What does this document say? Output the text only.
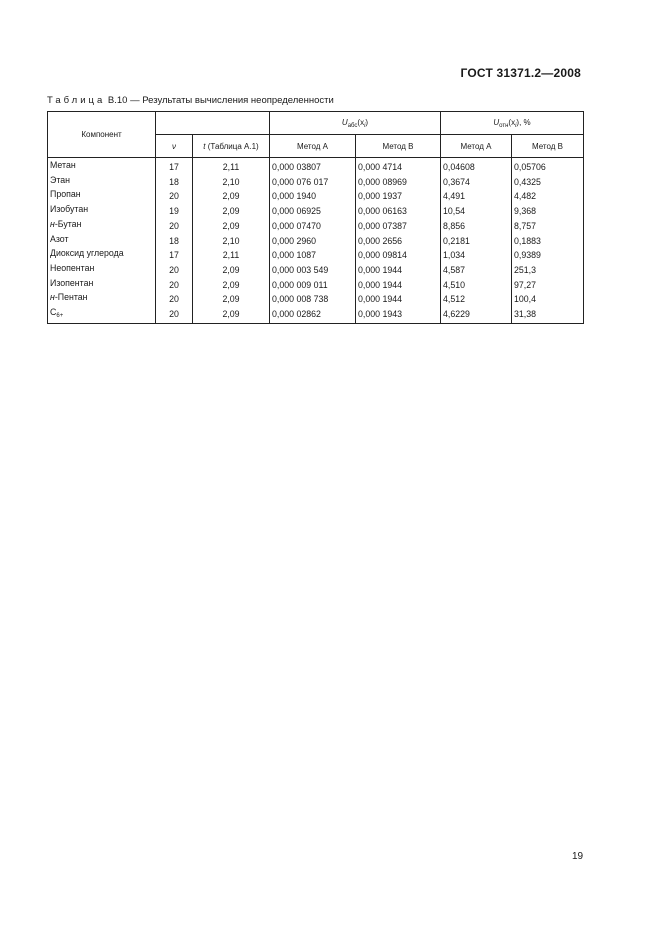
ГОСТ 31371.2—2008
Таблица В.10 — Результаты вычисления неопределенности
Компонент			$U_{абс}(x_i)$		$U_{отн}(x_i)$, %	
	ν	t (Таблица А.1)	Метод А	Метод В	Метод А	Метод В
Метан	17	2,11	0,000 03807	0,000 4714	0,04608	0,05706
Этан	18	2,10	0,000 076 017	0,000 08969	0,3674	0,4325
Пропан	20	2,09	0,000 1940	0,000 1937	4,491	4,482
Изобутан	19	2,09	0,000 06925	0,000 06163	10,54	9,368
н-Бутан	20	2,09	0,000 07470	0,000 07387	8,856	8,757
Азот	18	2,10	0,000 2960	0,000 2656	0,2181	0,1883
Диоксид углерода	17	2,11	0,000 1087	0,000 09814	1,034	0,9389
Неопентан	20	2,09	0,000 003 549	0,000 1944	4,587	251,3
Изопентан	20	2,09	0,000 009 011	0,000 1944	4,510	97,27
н-Пентан	20	2,09	0,000 008 738	0,000 1944	4,512	100,4
$C_{6+}$	20	2,09	0,000 02862	0,000 1943	4,6229	31,38
19
